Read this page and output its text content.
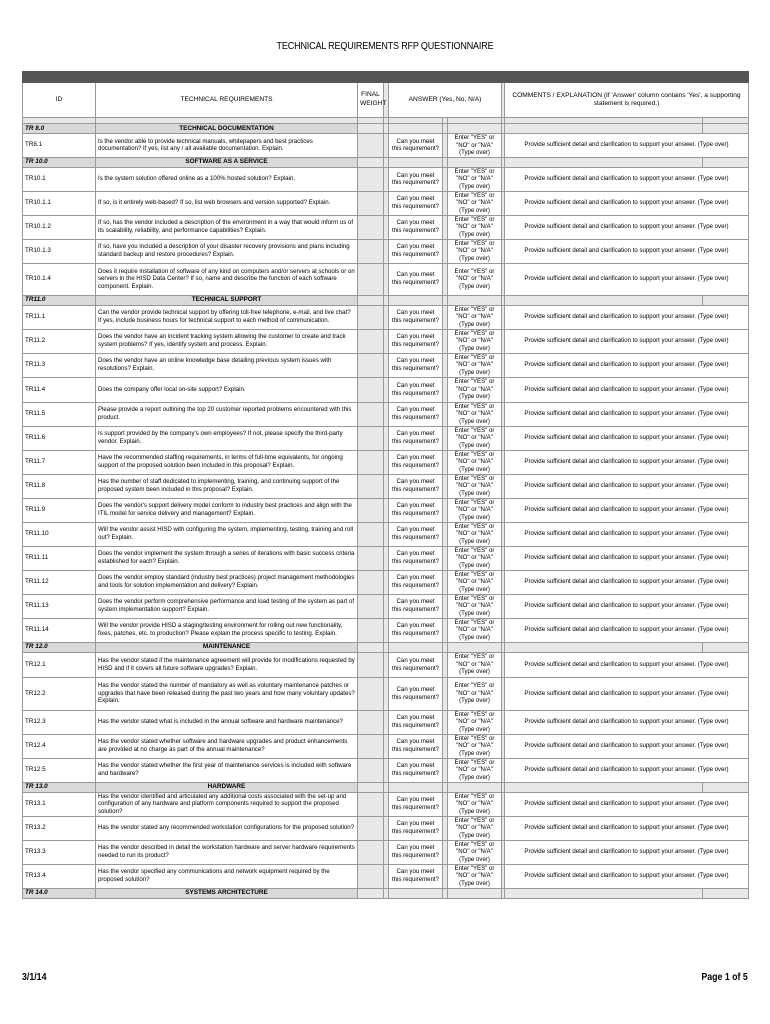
TECHNICAL REQUIREMENTS RFP QUESTIONNAIRE

ID	TECHNICAL REQUIREMENTS	FINAL WEIGHT		ANSWER (Yes, No, N/A)				COMMENTS / EXPLANATION (If 'Answer' column contains 'Yes', a supporting statement is required.)	

TR 8.0	TECHNICAL DOCUMENTATION								
TR8.1	Is the vendor able to provide technical manuals, whitepapers and best practices documentation? If yes, list any / all available documentation. Explain.			Can you meet this requirement?		Enter "YES" or "NO" or "N/A" (Type over)		Provide sufficient detail and clarification to support your answer. (Type over)	
TR 10.0	SOFTWARE AS A SERVICE								
TR10.1	Is the system solution offered online as a 100% hosted solution? Explain.			Can you meet this requirement?		Enter "YES" or "NO" or "N/A" (Type over)		Provide sufficient detail and clarification to support your answer. (Type over)	
TR10.1.1	If so, is it entirely web-based? If so, list web browsers and version supported? Explain.			Can you meet this requirement?		Enter "YES" or "NO" or "N/A" (Type over)		Provide sufficient detail and clarification to support your answer. (Type over)	
TR10.1.2	If so, has the vendor included a description of the environment in a way that would inform us of its scalability, reliability, and performance capabilities? Explain.			Can you meet this requirement?		Enter "YES" or "NO" or "N/A" (Type over)		Provide sufficient detail and clarification to support your answer. (Type over)	
TR10.1.3	If so, have you included a description of your disaster recovery provisions and plans including standard backup and restore procedures? Explain.			Can you meet this requirement?		Enter "YES" or "NO" or "N/A" (Type over)		Provide sufficient detail and clarification to support your answer. (Type over)	
TR10.1.4	Does it require installation of software of any kind on computers and/or servers at schools or on servers in the HISD Data Center? If so, name and describe the function of each software component. Explain.			Can you meet this requirement?		Enter "YES" or "NO" or "N/A" (Type over)		Provide sufficient detail and clarification to support your answer. (Type over)	
TR11.0	TECHNICAL SUPPORT								
TR11.1	Can the vendor provide technical support by offering toll-free telephone, e-mail, and live chat? If yes, include business hours for technical support to each method of communication.			Can you meet this requirement?		Enter "YES" or "NO" or "N/A" (Type over)		Provide sufficient detail and clarification to support your answer. (Type over)	
TR11.2	Does the vendor have an incident tracking system allowing the customer to create and track system problems? If yes, identify system and process. Explain.			Can you meet this requirement?		Enter "YES" or "NO" or "N/A" (Type over)		Provide sufficient detail and clarification to support your answer. (Type over)	
TR11.3	Does the vendor have an online knowledge base detailing previous system issues with resolutions? Explain.			Can you meet this requirement?		Enter "YES" or "NO" or "N/A" (Type over)		Provide sufficient detail and clarification to support your answer. (Type over)	
TR11.4	Does the company offer local on-site support? Explain.			Can you meet this requirement?		Enter "YES" or "NO" or "N/A" (Type over)		Provide sufficient detail and clarification to support your answer. (Type over)	
TR11.5	Please provide a report outlining the top 20 customer reported problems encountered with this product.			Can you meet this requirement?		Enter "YES" or "NO" or "N/A" (Type over)		Provide sufficient detail and clarification to support your answer. (Type over)	
TR11.6	Is support provided by the company's own employees? If not, please specify the third-party vendor. Explain.			Can you meet this requirement?		Enter "YES" or "NO" or "N/A" (Type over)		Provide sufficient detail and clarification to support your answer. (Type over)	
TR11.7	Have the recommended staffing requirements, in terms of full-time equivalents, for ongoing support of the proposed solution been included in this proposal? Explain.			Can you meet this requirement?		Enter "YES" or "NO" or "N/A" (Type over)		Provide sufficient detail and clarification to support your answer. (Type over)	
TR11.8	Has the number of staff dedicated to implementing, training, and continuing support of the proposed system been included in this proposal? Explain.			Can you meet this requirement?		Enter "YES" or "NO" or "N/A" (Type over)		Provide sufficient detail and clarification to support your answer. (Type over)	
TR11.9	Does the vendor's support delivery model conform to industry best practices and align with the ITIL model for service delivery and management? Explain.			Can you meet this requirement?		Enter "YES" or "NO" or "N/A" (Type over)		Provide sufficient detail and clarification to support your answer. (Type over)	
TR11.10	Will the vendor assist HISD with configuring the system, implementing, testing, training and roll out? Explain.			Can you meet this requirement?		Enter "YES" or "NO" or "N/A" (Type over)		Provide sufficient detail and clarification to support your answer. (Type over)	
TR11.11	Does the vendor implement the system through a series of iterations with basic success criteria established for each? Explain.			Can you meet this requirement?		Enter "YES" or "NO" or "N/A" (Type over)		Provide sufficient detail and clarification to support your answer. (Type over)	
TR11.12	Does the vendor employ standard (industry best practices) project management methodologies and tools for solution implementation and delivery? Explain.			Can you meet this requirement?		Enter "YES" or "NO" or "N/A" (Type over)		Provide sufficient detail and clarification to support your answer. (Type over)	
TR11.13	Does the vendor perform comprehensive performance and load testing of the system as part of system implementation support? Explain.			Can you meet this requirement?		Enter "YES" or "NO" or "N/A" (Type over)		Provide sufficient detail and clarification to support your answer. (Type over)	
TR11.14	Will the vendor provide HISD a staging/testing environment for rolling out new functionality, fixes, patches, etc. to production? Please explain the process specific to testing. Explain.			Can you meet this requirement?		Enter "YES" or "NO" or "N/A" (Type over)		Provide sufficient detail and clarification to support your answer. (Type over)	
TR 12.0	MAINTENANCE								
TR12.1	Has the vendor stated if the maintenance agreement will provide for modifications requested by HISD and if it covers all future software upgrades? Explain.			Can you meet this requirement?		Enter "YES" or "NO" or "N/A" (Type over)		Provide sufficient detail and clarification to support your answer. (Type over)	
TR12.2	Has the vendor stated the number of mandatory as well as voluntary maintenance patches or upgrades that have been released during the past two years and how many voluntary updates? Explain.			Can you meet this requirement?		Enter "YES" or "NO" or "N/A" (Type over)		Provide sufficient detail and clarification to support your answer. (Type over)	
TR12.3	Has the vendor stated what is included in the annual software and hardware maintenance?			Can you meet this requirement?		Enter "YES" or "NO" or "N/A" (Type over)		Provide sufficient detail and clarification to support your answer. (Type over)	
TR12.4	Has the vendor stated whether software and hardware upgrades and product enhancements are provided at no charge as part of the annual maintenance?			Can you meet this requirement?		Enter "YES" or "NO" or "N/A" (Type over)		Provide sufficient detail and clarification to support your answer. (Type over)	
TR12.5	Has the vendor stated whether the first year of maintenance services is included with software and hardware?			Can you meet this requirement?		Enter "YES" or "NO" or "N/A" (Type over)		Provide sufficient detail and clarification to support your answer. (Type over)	
TR 13.0	HARDWARE								
TR13.1	Has the vendor identified and articulated any additional costs associated with the set-up and configuration of any hardware and platform components required to support the proposed solution?			Can you meet this requirement?		Enter "YES" or "NO" or "N/A" (Type over)		Provide sufficient detail and clarification to support your answer. (Type over)	
TR13.2	Has the vendor stated any recommended workstation configurations for the proposed solution?			Can you meet this requirement?		Enter "YES" or "NO" or "N/A" (Type over)		Provide sufficient detail and clarification to support your answer. (Type over)	
TR13.3	Has the vendor described in detail the workstation hardware and server hardware requirements needed to run its product?			Can you meet this requirement?		Enter "YES" or "NO" or "N/A" (Type over)		Provide sufficient detail and clarification to support your answer. (Type over)	
TR13.4	Has the vendor specified any communications and network equipment required by the proposed solution?			Can you meet this requirement?		Enter "YES" or "NO" or "N/A" (Type over)		Provide sufficient detail and clarification to support your answer. (Type over)	
TR 14.0	SYSTEMS ARCHITECTURE								
3/1/14	Page 1 of 5
